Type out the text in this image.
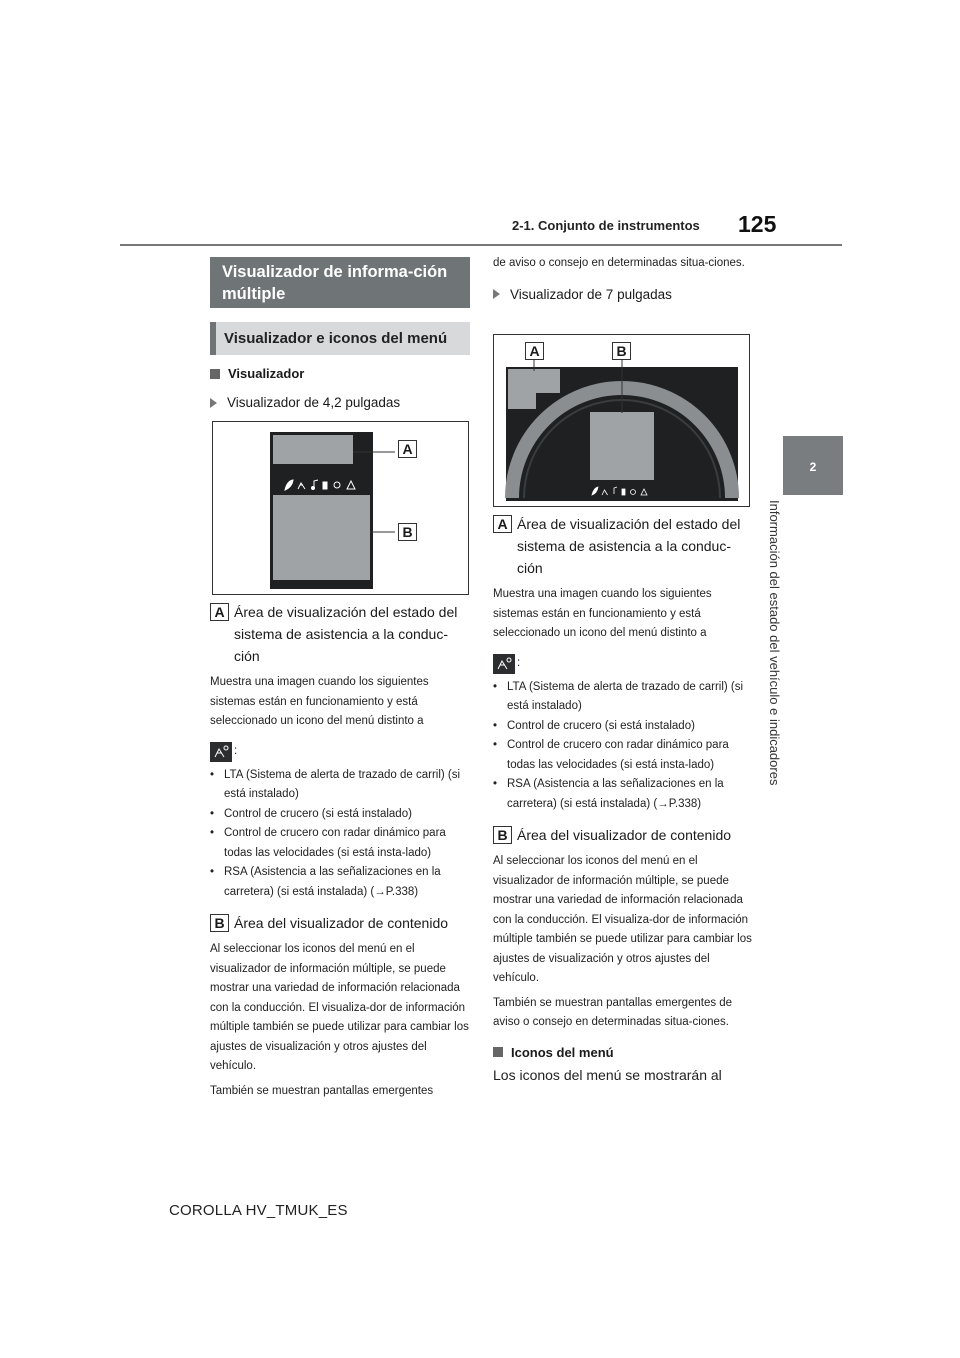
2-1. Conjunto de instrumentos 125
2
Información del estado del vehículo e indicadores
Visualizador de informa-ción múltiple
Visualizador e iconos del menú
Visualizador
Visualizador de 4,2 pulgadas
A
B
A Área de visualización del estado del sistema de asistencia a la conduc-ción
Muestra una imagen cuando los siguientes sistemas están en funcionamiento y está seleccionado un icono del menú distinto a
:
• LTA (Sistema de alerta de trazado de carril) (si está instalado)
• Control de crucero (si está instalado)
• Control de crucero con radar dinámico para todas las velocidades (si está insta-lado)
• RSA (Asistencia a las señalizaciones en la carretera) (si está instalada) (→P.338)
B Área del visualizador de contenido
Al seleccionar los iconos del menú en el visualizador de información múltiple, se puede mostrar una variedad de información relacionada con la conducción. El visualiza-dor de información múltiple también se puede utilizar para cambiar los ajustes de visualización y otros ajustes del vehículo.
También se muestran pantallas emergentes
de aviso o consejo en determinadas situa-ciones.
Visualizador de 7 pulgadas
A	B
A Área de visualización del estado del sistema de asistencia a la conduc-ción
Muestra una imagen cuando los siguientes sistemas están en funcionamiento y está seleccionado un icono del menú distinto a
:
• LTA (Sistema de alerta de trazado de carril) (si está instalado)
• Control de crucero (si está instalado)
• Control de crucero con radar dinámico para todas las velocidades (si está insta-lado)
• RSA (Asistencia a las señalizaciones en la carretera) (si está instalada) (→P.338)
B Área del visualizador de contenido
Al seleccionar los iconos del menú en el visualizador de información múltiple, se puede mostrar una variedad de información relacionada con la conducción. El visualiza-dor de información múltiple también se puede utilizar para cambiar los ajustes de visualización y otros ajustes del vehículo.
También se muestran pantallas emergentes de aviso o consejo en determinadas situa-ciones.
Iconos del menú
Los iconos del menú se mostrarán al
COROLLA HV_TMUK_ES
